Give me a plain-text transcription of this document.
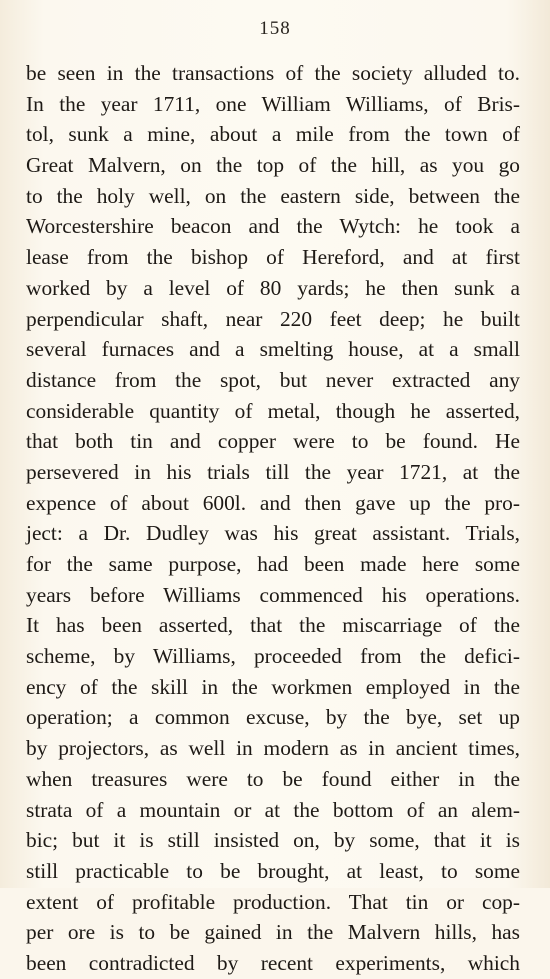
158
be seen in the transactions of the society alluded to.
In the year 1711, one William Williams, of Bris-
tol, sunk a mine, about a mile from the town of
Great Malvern, on the top of the hill, as you go
to the holy well, on the eastern side, between the
Worcestershire beacon and the Wytch: he took a
lease from the bishop of Hereford, and at first
worked by a level of 80 yards; he then sunk a
perpendicular shaft, near 220 feet deep; he built
several furnaces and a smelting house, at a small
distance from the spot, but never extracted any
considerable quantity of metal, though he asserted,
that both tin and copper were to be found. He
persevered in his trials till the year 1721, at the
expence of about 600l. and then gave up the pro-
ject: a Dr. Dudley was his great assistant. Trials,
for the same purpose, had been made here some
years before Williams commenced his operations.
It has been asserted, that the miscarriage of the
scheme, by Williams, proceeded from the defici-
ency of the skill in the workmen employed in the
operation; a common excuse, by the bye, set up
by projectors, as well in modern as in ancient times,
when treasures were to be found either in the
strata of a mountain or at the bottom of an alem-
bic; but it is still insisted on, by some, that it is
still practicable to be brought, at least, to some
extent of profitable production. That tin or cop-
per ore is to be gained in the Malvern hills, has
been contradicted by recent experiments, which
